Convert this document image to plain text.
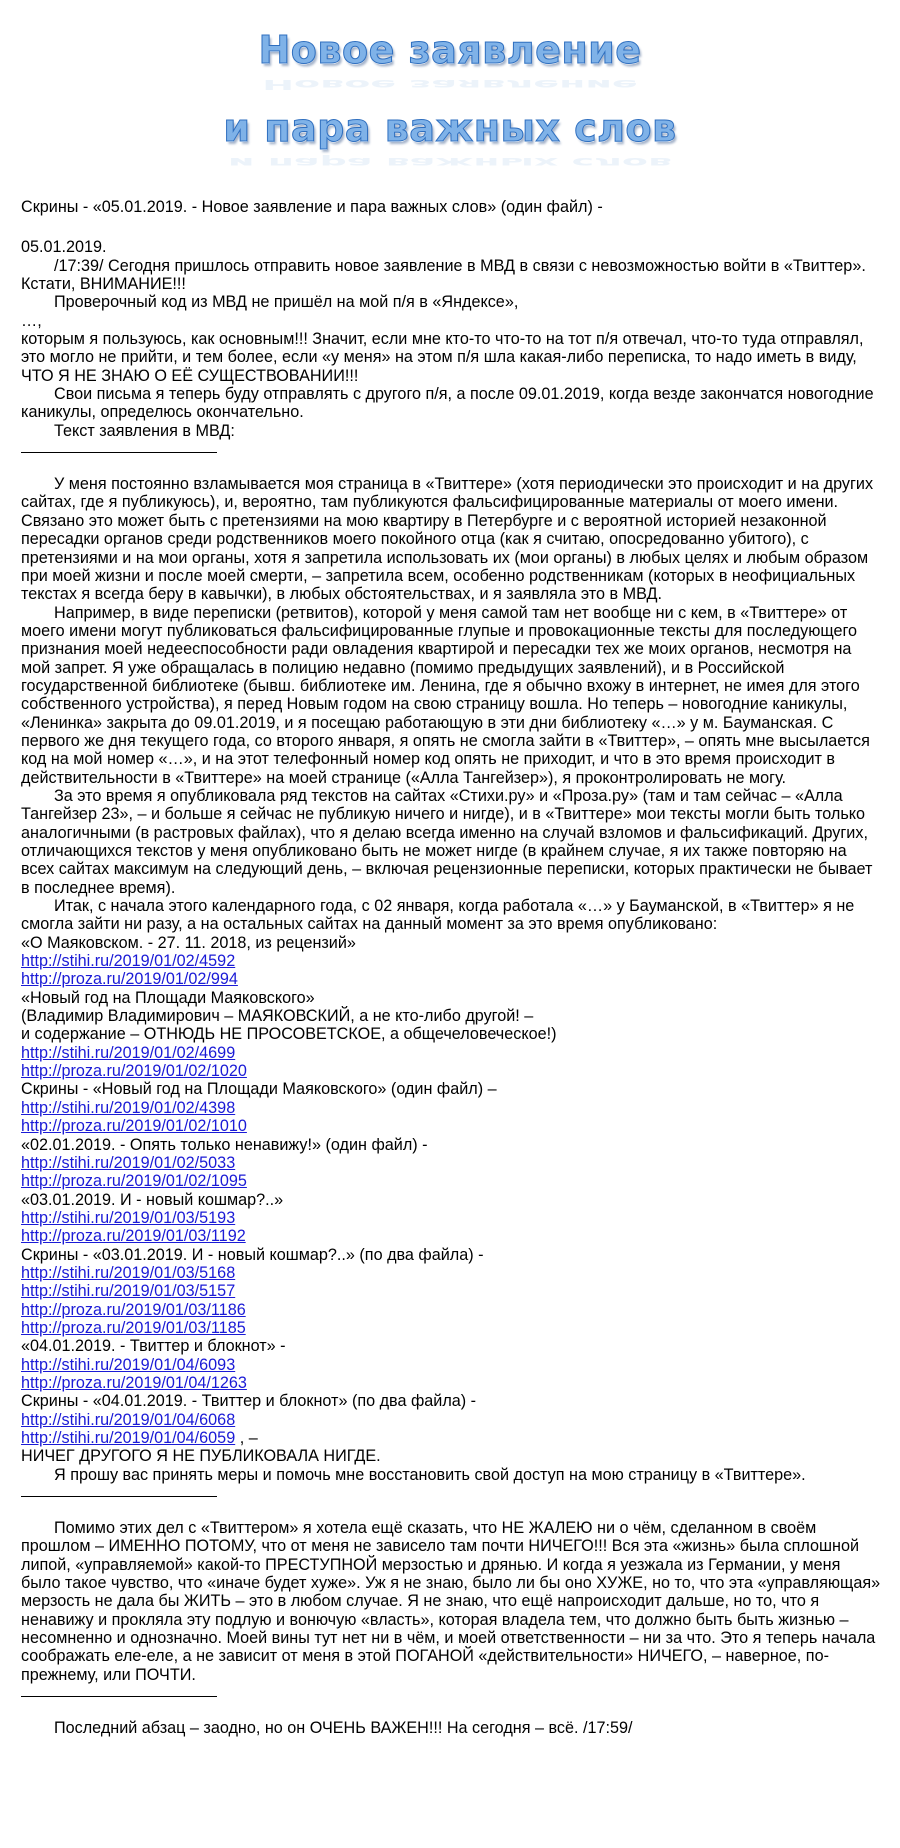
Новое заявление
Новое заявление
и пара важных слов
и пара важных слов

Скрины - «05.01.2019. - Новое заявление и пара важных слов» (один файл) -

05.01.2019.

/17:39/ Сегодня пришлось отправить новое заявление в МВД в связи с невозможностью войти в «Твиттер». Кстати, ВНИМАНИЕ!!!

Проверочный код из МВД не пришёл на мой п/я в «Яндексе»,

…,

которым я пользуюсь, как основным!!! Значит, если мне кто-то что-то на тот п/я отвечал, что-то туда отправлял, это могло не прийти, и тем более, если «у меня» на этом п/я шла какая-либо переписка, то надо иметь в виду, ЧТО Я НЕ ЗНАЮ О ЕЁ СУЩЕСТВОВАНИИ!!!

Свои письма я теперь буду отправлять с другого п/я, а после 09.01.2019, когда везде закончатся новогодние каникулы, определюсь окончательно.

Текст заявления в МВД:

У меня постоянно взламывается моя страница в «Твиттере» (хотя периодически это происходит и на других сайтах, где я публикуюсь), и, вероятно, там публикуются фальсифицированные материалы от моего имени. Связано это может быть с претензиями на мою квартиру в Петербурге и с вероятной историей незаконной пересадки органов среди родственников моего покойного отца (как я считаю, опосредованно убитого), с претензиями и на мои органы, хотя я запретила использовать их (мои органы) в любых целях и любым образом при моей жизни и после моей смерти, – запретила всем, особенно родственникам (которых в неофициальных текстах я всегда беру в кавычки), в любых обстоятельствах, и я заявляла это в МВД.

Например, в виде переписки (ретвитов), которой у меня самой там нет вообще ни с кем, в «Твиттере» от моего имени могут публиковаться фальсифицированные глупые и провокационные тексты для последующего признания моей недееспособности ради овладения квартирой и пересадки тех же моих органов, несмотря на мой запрет. Я уже обращалась в полицию недавно (помимо предыдущих заявлений), и в Российской государственной библиотеке (бывш. библиотеке им. Ленина, где я обычно вхожу в интернет, не имея для этого собственного устройства), я перед Новым годом на свою страницу вошла. Но теперь – новогодние каникулы, «Ленинка» закрыта до 09.01.2019, и я посещаю работающую в эти дни библиотеку «…» у м. Бауманская. С первого же дня текущего года, со второго января, я опять не смогла зайти в «Твиттер», – опять мне высылается код на мой номер «…», и на этот телефонный номер код опять не приходит, и что в это время происходит в действительности в «Твиттере» на моей странице («Алла Тангейзер»), я проконтролировать не могу.

За это время я опубликовала ряд текстов на сайтах «Стихи.ру» и «Проза.ру» (там и там сейчас – «Алла Тангейзер 23», – и больше я сейчас не публикую ничего и нигде), и в «Твиттере» мои тексты могли быть только аналогичными (в растровых файлах), что я делаю всегда именно на случай взломов и фальсификаций. Других, отличающихся текстов у меня опубликовано быть не может нигде (в крайнем случае, я их также повторяю на всех сайтах максимум на следующий день, – включая рецензионные переписки, которых практически не бывает в последнее время).

Итак, с начала этого календарного года, с 02 января, когда работала «…» у Бауманской, в «Твиттер» я не смогла зайти ни разу, а на остальных сайтах на данный момент за это время опубликовано:

«О Маяковском. - 27. 11. 2018, из рецензий»

http://stihi.ru/2019/01/02/4592

http://proza.ru/2019/01/02/994

«Новый год на Площади Маяковского»

(Владимир Владимирович – МАЯКОВСКИЙ, а не кто-либо другой! –

и содержание – ОТНЮДЬ НЕ ПРОСОВЕТСКОЕ, а общечеловеческое!)

http://stihi.ru/2019/01/02/4699

http://proza.ru/2019/01/02/1020

Скрины - «Новый год на Площади Маяковского» (один файл) –

http://stihi.ru/2019/01/02/4398

http://proza.ru/2019/01/02/1010

«02.01.2019. - Опять только ненавижу!» (один файл) -

http://stihi.ru/2019/01/02/5033

http://proza.ru/2019/01/02/1095

«03.01.2019. И - новый кошмар?..»

http://stihi.ru/2019/01/03/5193

http://proza.ru/2019/01/03/1192

Скрины - «03.01.2019. И - новый кошмар?..» (по два файла) -

http://stihi.ru/2019/01/03/5168

http://stihi.ru/2019/01/03/5157

http://proza.ru/2019/01/03/1186

http://proza.ru/2019/01/03/1185

«04.01.2019. - Твиттер и блокнот» -

http://stihi.ru/2019/01/04/6093

http://proza.ru/2019/01/04/1263

Скрины - «04.01.2019. - Твиттер и блокнот» (по два файла) -

http://stihi.ru/2019/01/04/6068

http://stihi.ru/2019/01/04/6059 , –

НИЧЕГ ДРУГОГО Я НЕ ПУБЛИКОВАЛА НИГДЕ.

Я прошу вас принять меры и помочь мне восстановить свой доступ на мою страницу в «Твиттере».

Помимо этих дел с «Твиттером» я хотела ещё сказать, что НЕ ЖАЛЕЮ ни о чём, сделанном в своём прошлом – ИМЕННО ПОТОМУ, что от меня не зависело там почти НИЧЕГО!!! Вся эта «жизнь» была сплошной липой, «управляемой» какой-то ПРЕСТУПНОЙ мерзостью и дрянью. И когда я уезжала из Германии, у меня было такое чувство, что «иначе будет хуже». Уж я не знаю, было ли бы оно ХУЖЕ, но то, что эта «управляющая» мерзость не дала бы ЖИТЬ – это в любом случае. Я не знаю, что ещё напроисходит дальше, но то, что я ненавижу и прокляла эту подлую и вонючую «власть», которая владела тем, что должно быть быть жизнью – несомненно и однозначно. Моей вины тут нет ни в чём, и моей ответственности – ни за что. Это я теперь начала соображать еле-еле, а не зависит от меня в этой ПОГАНОЙ «действительности» НИЧЕГО, – наверное, по-прежнему, или ПОЧТИ.

Последний абзац – заодно, но он ОЧЕНЬ ВАЖЕН!!! На сегодня – всё. /17:59/
